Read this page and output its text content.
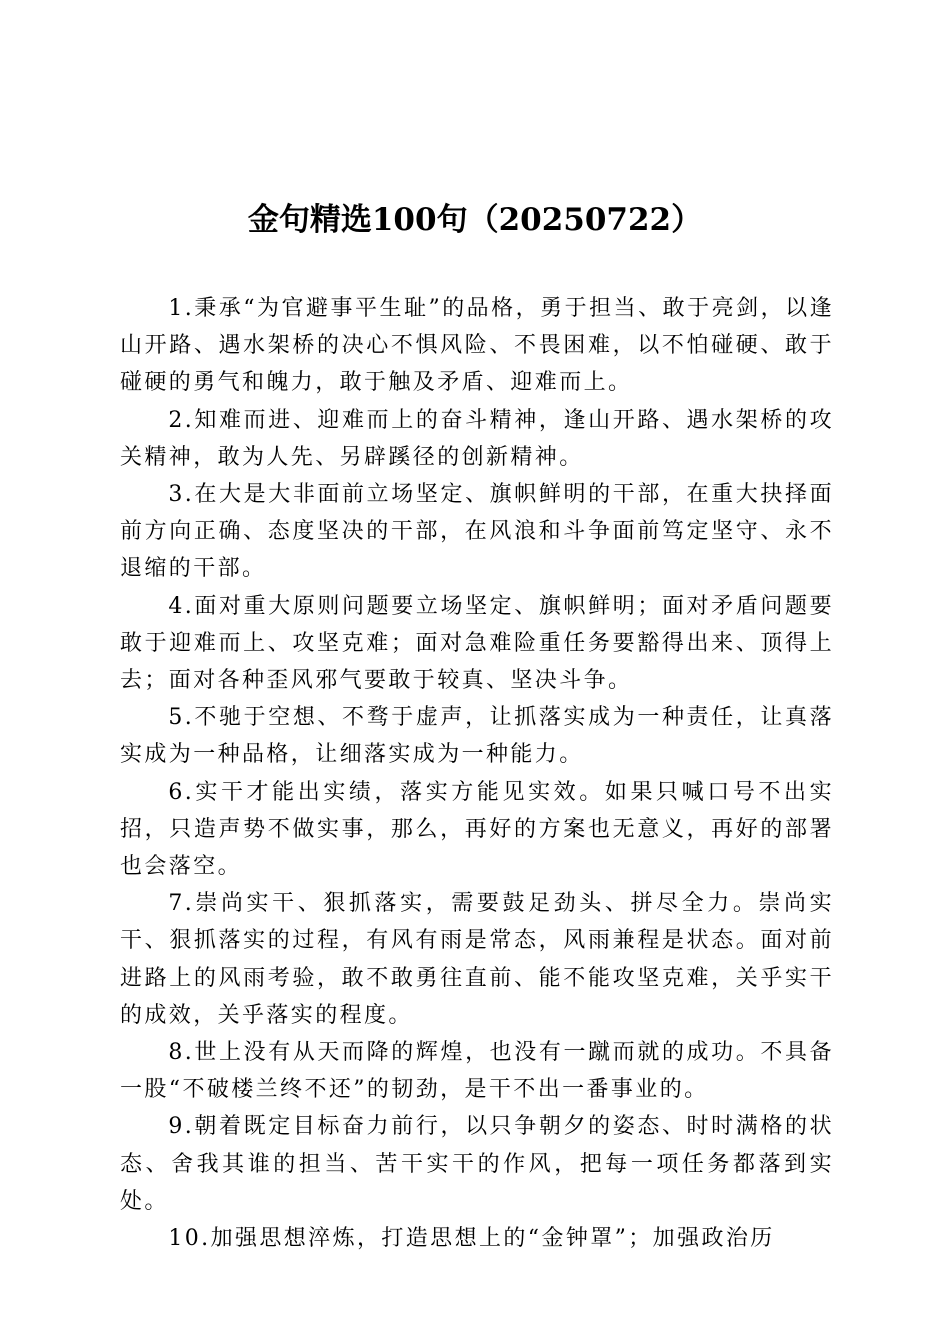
金句精选100句（20250722）

1.秉承“为官避事平生耻”的品格，勇于担当、敢于亮剑，以逢山开路、遇水架桥的决心不惧风险、不畏困难，以不怕碰硬、敢于碰硬的勇气和魄力，敢于触及矛盾、迎难而上。

2.知难而进、迎难而上的奋斗精神，逢山开路、遇水架桥的攻关精神，敢为人先、另辟蹊径的创新精神。

3.在大是大非面前立场坚定、旗帜鲜明的干部，在重大抉择面前方向正确、态度坚决的干部，在风浪和斗争面前笃定坚守、永不退缩的干部。

4.面对重大原则问题要立场坚定、旗帜鲜明；面对矛盾问题要敢于迎难而上、攻坚克难；面对急难险重任务要豁得出来、顶得上去；面对各种歪风邪气要敢于较真、坚决斗争。

5.不驰于空想、不骛于虚声，让抓落实成为一种责任，让真落实成为一种品格，让细落实成为一种能力。

6.实干才能出实绩，落实方能见实效。如果只喊口号不出实招，只造声势不做实事，那么，再好的方案也无意义，再好的部署也会落空。

7.崇尚实干、狠抓落实，需要鼓足劲头、拼尽全力。崇尚实干、狠抓落实的过程，有风有雨是常态，风雨兼程是状态。面对前进路上的风雨考验，敢不敢勇往直前、能不能攻坚克难，关乎实干的成效，关乎落实的程度。

8.世上没有从天而降的辉煌，也没有一蹴而就的成功。不具备一股“不破楼兰终不还”的韧劲，是干不出一番事业的。

9.朝着既定目标奋力前行，以只争朝夕的姿态、时时满格的状态、舍我其谁的担当、苦干实干的作风，把每一项任务都落到实处。

10.加强思想淬炼，打造思想上的“金钟罩”；加强政治历
